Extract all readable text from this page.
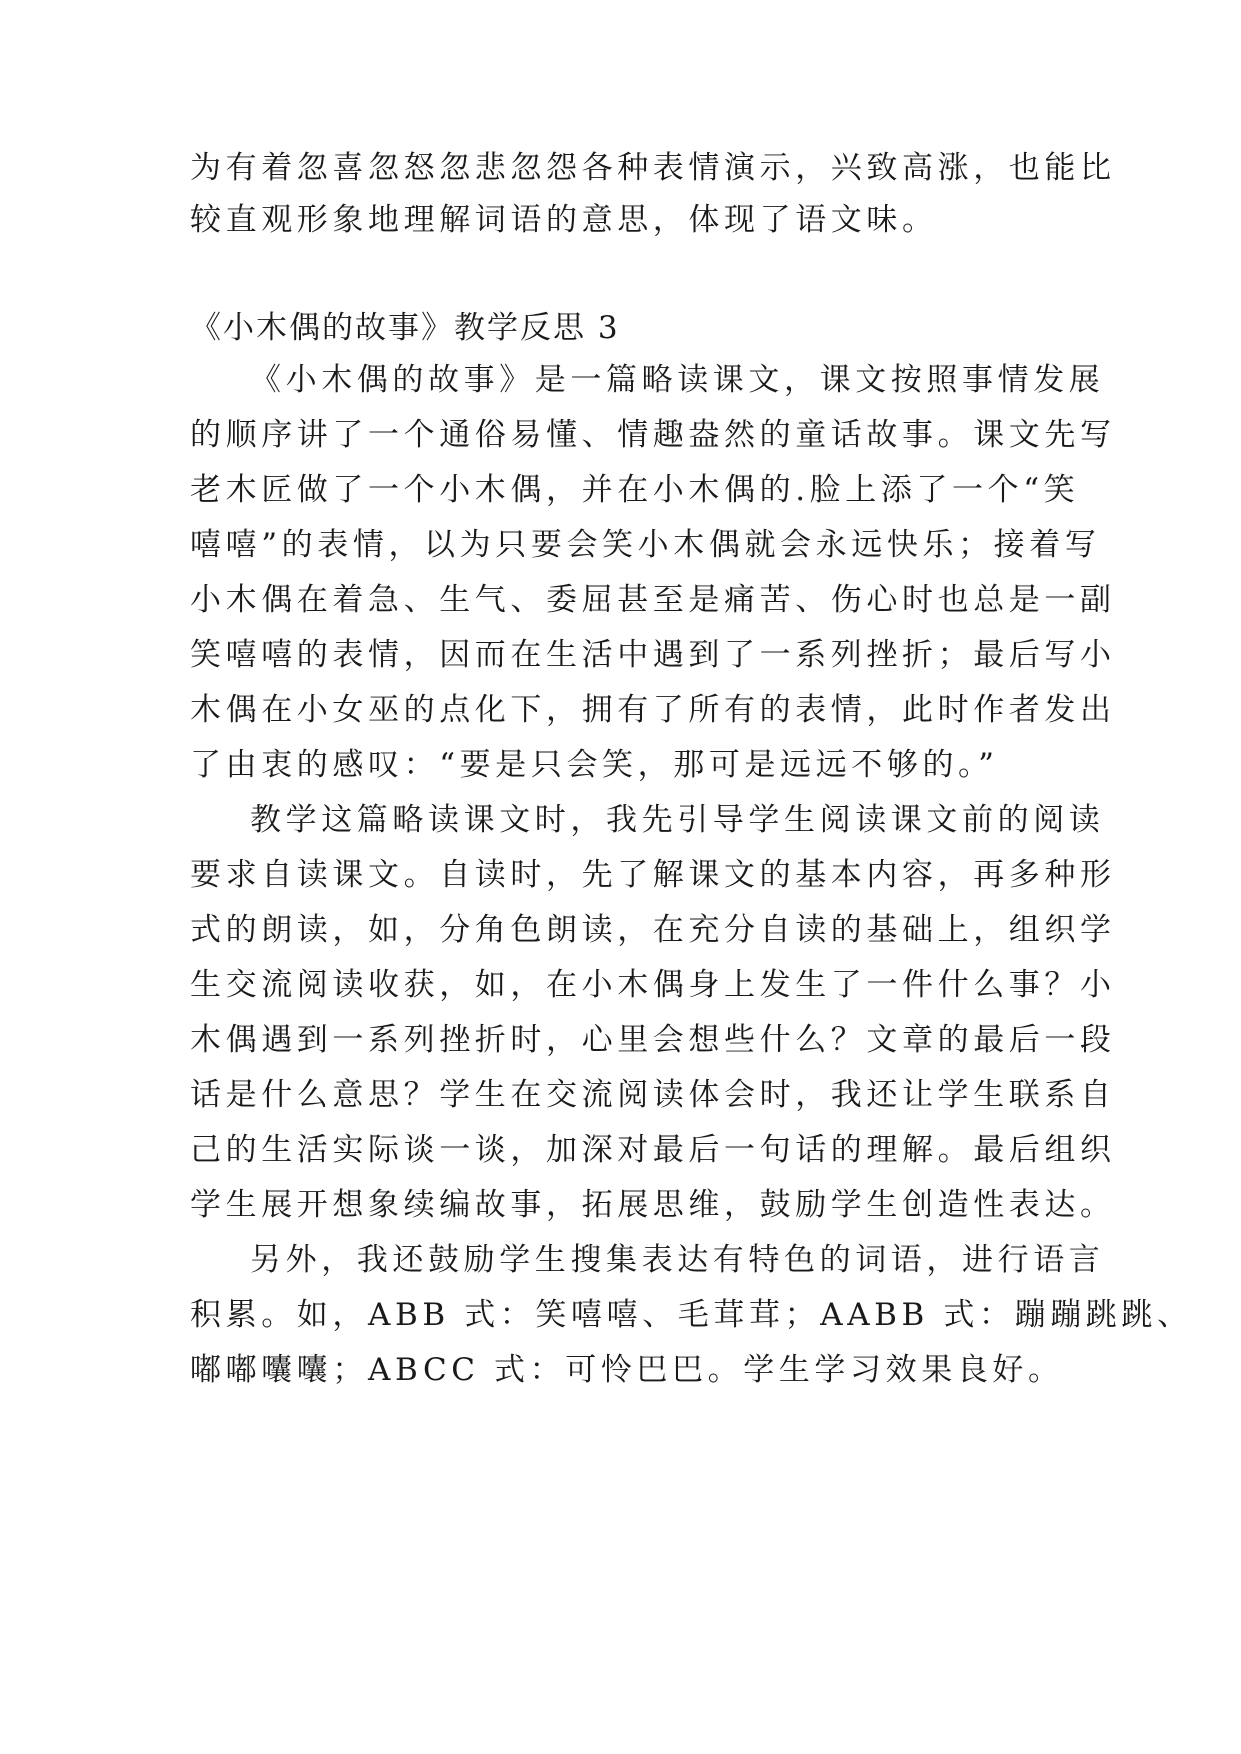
为有着忽喜忽怒忽悲忽怨各种表情演示，兴致高涨，也能比
较直观形象地理解词语的意思，体现了语文味。
《小木偶的故事》教学反思 3
《小木偶的故事》是一篇略读课文，课文按照事情发展
的顺序讲了一个通俗易懂、情趣盎然的童话故事。课文先写
老木匠做了一个小木偶，并在小木偶的.脸上添了一个“笑
嘻嘻”的表情，以为只要会笑小木偶就会永远快乐；接着写
小木偶在着急、生气、委屈甚至是痛苦、伤心时也总是一副
笑嘻嘻的表情，因而在生活中遇到了一系列挫折；最后写小
木偶在小女巫的点化下，拥有了所有的表情，此时作者发出
了由衷的感叹：“要是只会笑，那可是远远不够的。”
教学这篇略读课文时，我先引导学生阅读课文前的阅读
要求自读课文。自读时，先了解课文的基本内容，再多种形
式的朗读，如，分角色朗读，在充分自读的基础上，组织学
生交流阅读收获，如，在小木偶身上发生了一件什么事？小
木偶遇到一系列挫折时，心里会想些什么？文章的最后一段
话是什么意思？学生在交流阅读体会时，我还让学生联系自
己的生活实际谈一谈，加深对最后一句话的理解。最后组织
学生展开想象续编故事，拓展思维，鼓励学生创造性表达。
另外，我还鼓励学生搜集表达有特色的词语，进行语言
积累。如，ABB 式：笑嘻嘻、毛茸茸；AABB 式：蹦蹦跳跳、
嘟嘟囔囔；ABCC 式：可怜巴巴。学生学习效果良好。
